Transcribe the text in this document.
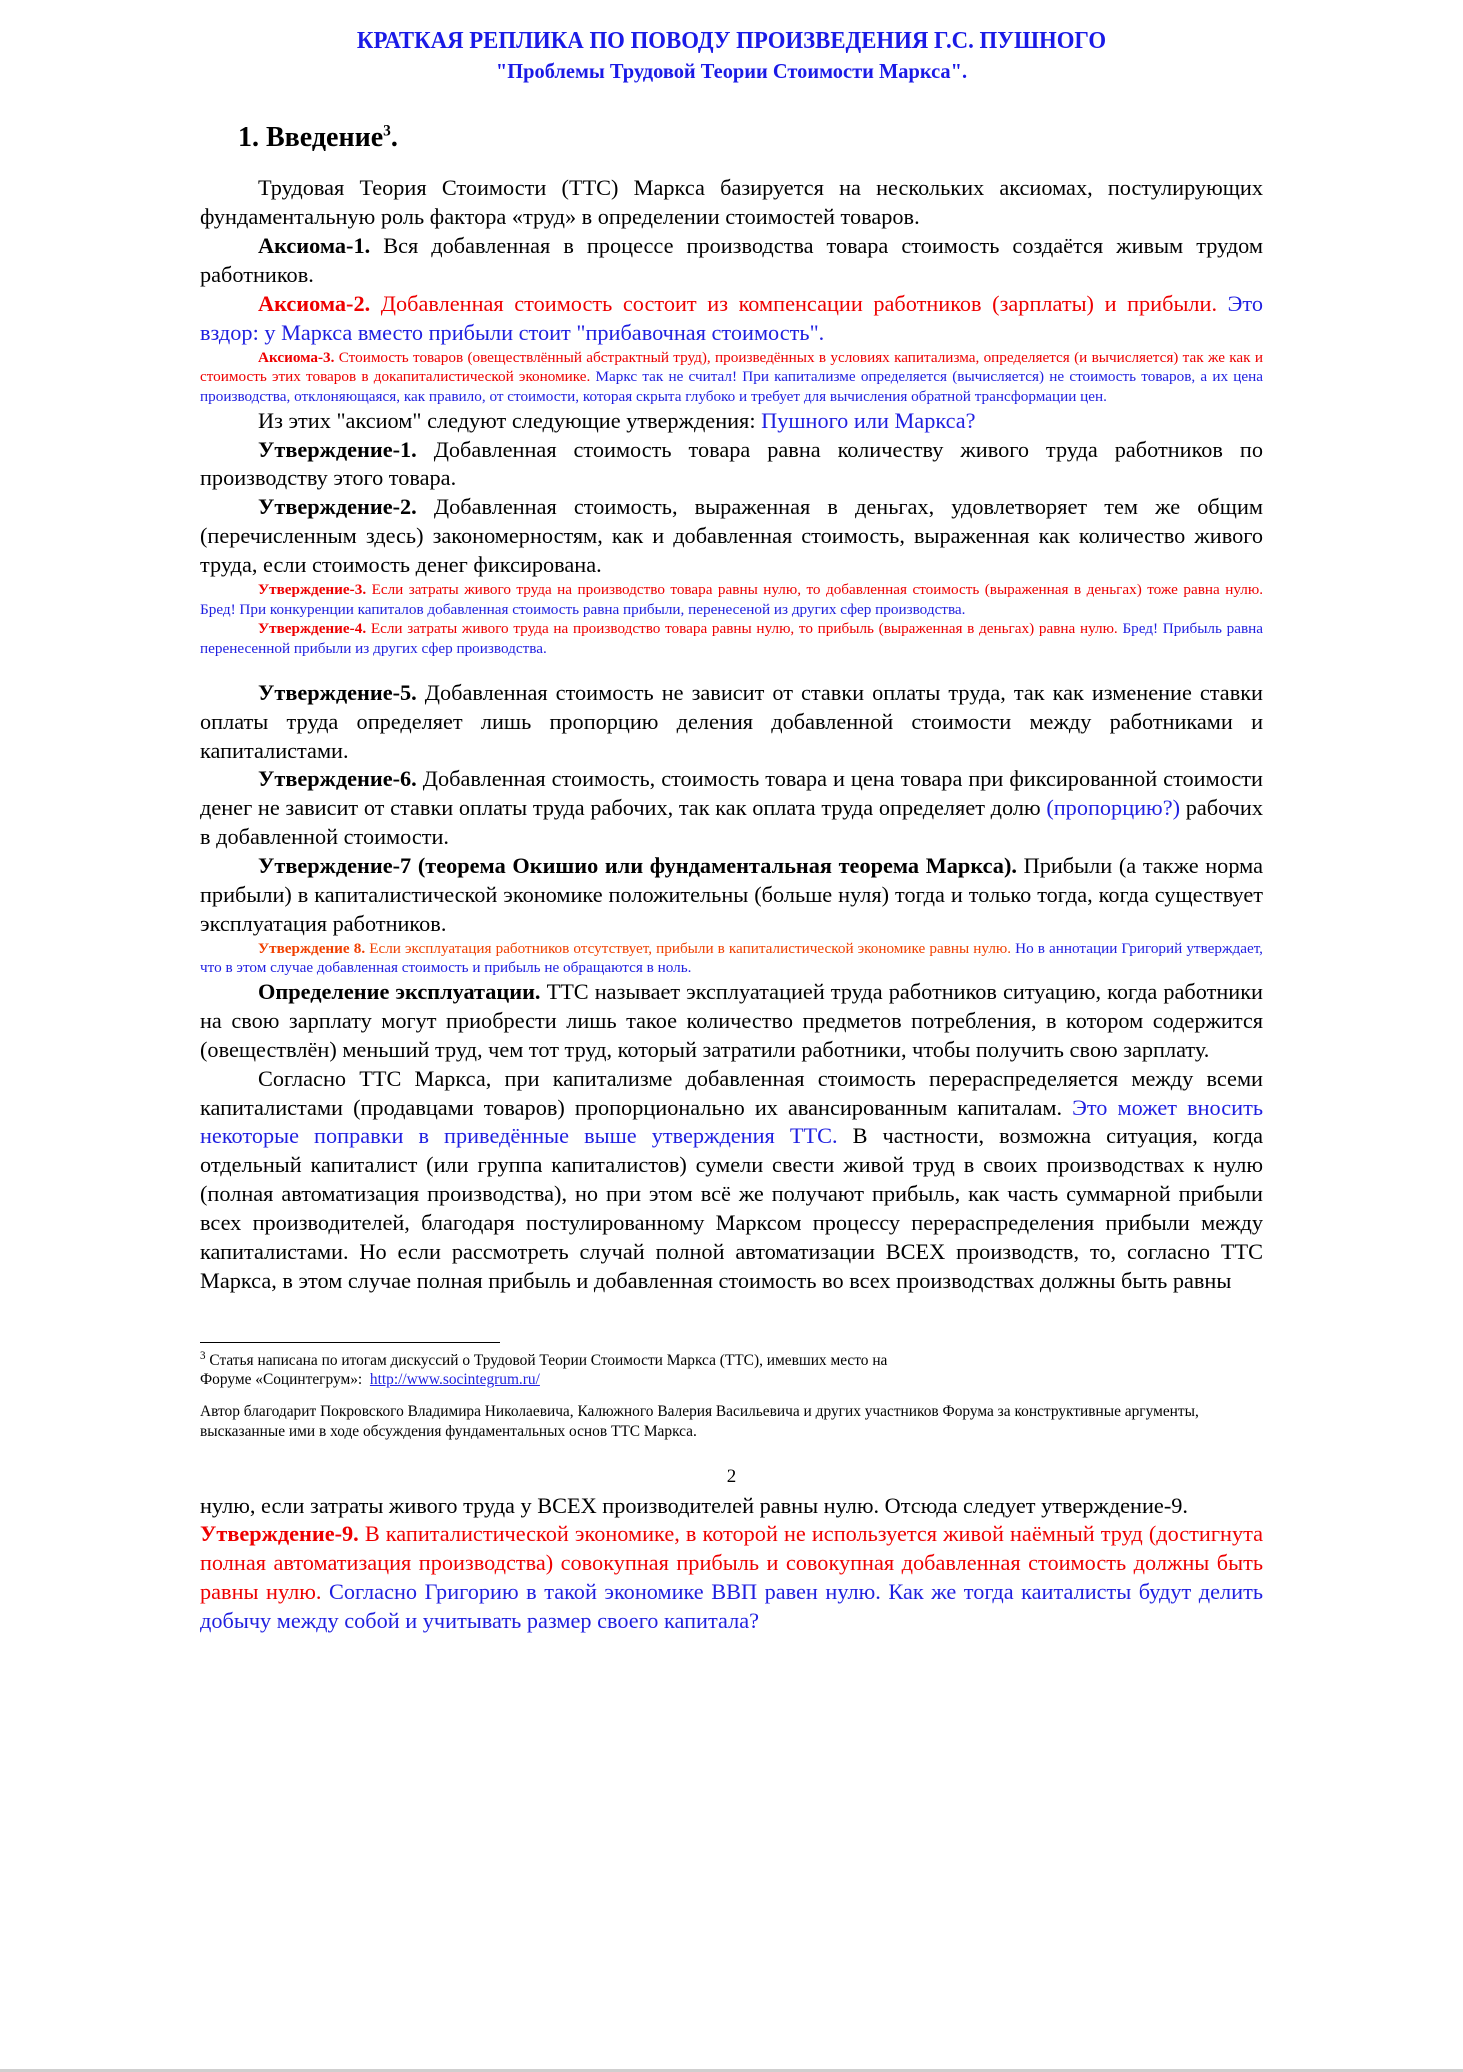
КРАТКАЯ РЕПЛИКА ПО ПОВОДУ ПРОИЗВЕДЕНИЯ Г.С. ПУШНОГО
"Проблемы Трудовой Теории Стоимости Маркса".
1. Введение$^3$.

Трудовая Теория Стоимости (ТТС) Маркса базируется на нескольких аксиомах, постулирующих фундаментальную роль фактора «труд» в определении стоимостей товаров.

Аксиома-1. Вся добавленная в процессе производства товара стоимость создаётся живым трудом работников.

Аксиома-2. Добавленная стоимость состоит из компенсации работников (зарплаты) и прибыли. Это вздор: у Маркса вместо прибыли стоит "прибавочная стоимость".

Аксиома-3. Стоимость товаров (овеществлённый абстрактный труд), произведённых в условиях капитализма, определяется (и вычисляется) так же как и стоимость этих товаров в докапиталистической экономике. Маркс так не считал! При капитализме определяется (вычисляется) не стоимость товаров, а их цена производства, отклоняющаяся, как правило, от стоимости, которая скрыта глубоко и требует для вычисления обратной трансформации цен.

Из этих "аксиом" следуют следующие утверждения: Пушного или Маркса?

Утверждение-1. Добавленная стоимость товара равна количеству живого труда работников по производству этого товара.

Утверждение-2. Добавленная стоимость, выраженная в деньгах, удовлетворяет тем же общим (перечисленным здесь) закономерностям, как и добавленная стоимость, выраженная как количество живого труда, если стоимость денег фиксирована.

Утверждение-3. Если затраты живого труда на производство товара равны нулю, то добавленная стоимость (выраженная в деньгах) тоже равна нулю. Бред! При конкуренции капиталов добавленная стоимость равна прибыли, перенесеной из других сфер производства.

Утверждение-4. Если затраты живого труда на производство товара равны нулю, то прибыль (выраженная в деньгах) равна нулю. Бред! Прибыль равна перенесенной прибыли из других сфер производства.

Утверждение-5. Добавленная стоимость не зависит от ставки оплаты труда, так как изменение ставки оплаты труда определяет лишь пропорцию деления добавленной стоимости между работниками и капиталистами.

Утверждение-6. Добавленная стоимость, стоимость товара и цена товара при фиксированной стоимости денег не зависит от ставки оплаты труда рабочих, так как оплата труда определяет долю (пропорцию?) рабочих в добавленной стоимости.

Утверждение-7 (теорема Окишио или фундаментальная теорема Маркса). Прибыли (а также норма прибыли) в капиталистической экономике положительны (больше нуля) тогда и только тогда, когда существует эксплуатация работников.

Утверждение 8. Если эксплуатация работников отсутствует, прибыли в капиталистической экономике равны нулю. Но в аннотации Григорий утверждает, что в этом случае добавленная стоимость и прибыль не обращаются в ноль.

Определение эксплуатации. ТТС называет эксплуатацией труда работников ситуацию, когда работники на свою зарплату могут приобрести лишь такое количество предметов потребления, в котором содержится (овеществлён) меньший труд, чем тот труд, который затратили работники, чтобы получить свою зарплату.

Согласно ТТС Маркса, при капитализме добавленная стоимость перераспределяется между всеми капиталистами (продавцами товаров) пропорционально их авансированным капиталам. Это может вносить некоторые поправки в приведённые выше утверждения ТТС. В частности, возможна ситуация, когда отдельный капиталист (или группа капиталистов) сумели свести живой труд в своих производствах к нулю (полная автоматизация производства), но при этом всё же получают прибыль, как часть суммарной прибыли всех производителей, благодаря постулированному Марксом процессу перераспределения прибыли между капиталистами. Но если рассмотреть случай полной автоматизации ВСЕХ производств, то, согласно ТТС Маркса, в этом случае полная прибыль и добавленная стоимость во всех производствах должны быть равны

$^3$ Статья написана по итогам дискуссий о Трудовой Теории Стоимости Маркса (ТТС), имевших место на

Форуме «Социнтегрум»: http://www.socintegrum.ru/

Автор благодарит Покровского Владимира Николаевича, Калюжного Валерия Васильевича и других участников Форума за конструктивные аргументы, высказанные ими в ходе обсуждения фундаментальных основ ТТС Маркса.

2

нулю, если затраты живого труда у ВСЕХ производителей равны нулю. Отсюда следует утверждение-9.

Утверждение-9. В капиталистической экономике, в которой не используется живой наёмный труд (достигнута полная автоматизация производства) совокупная прибыль и совокупная добавленная стоимость должны быть равны нулю. Согласно Григорию в такой экономике ВВП равен нулю. Как же тогда каиталисты будут делить добычу между собой и учитывать размер своего капитала?
